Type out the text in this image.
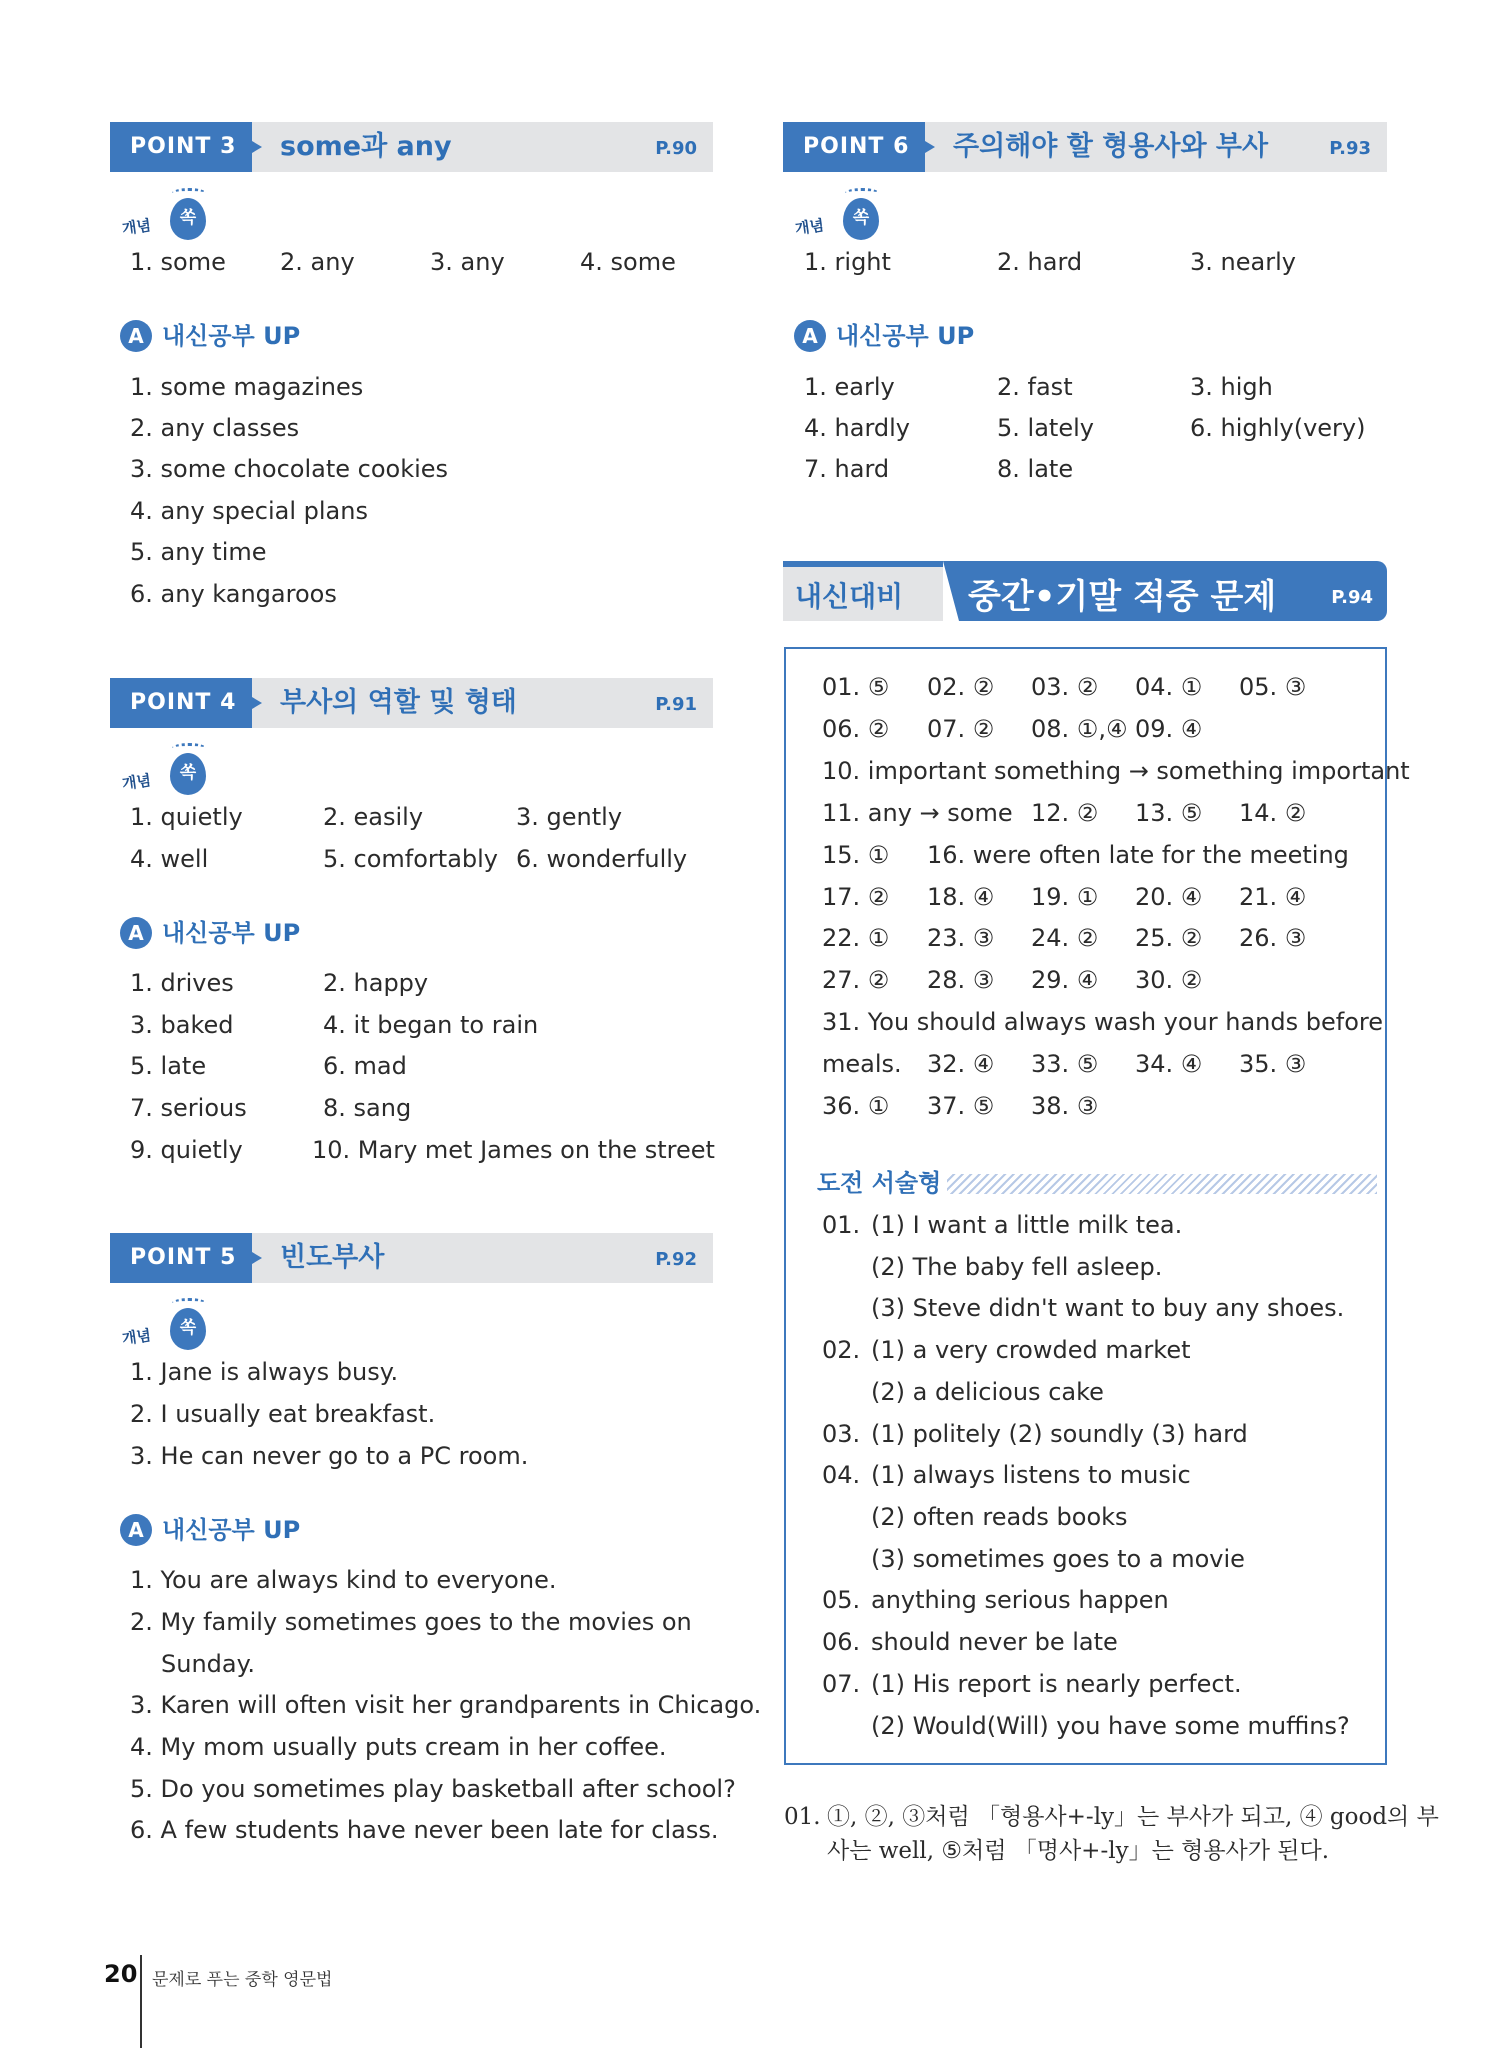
POINT 3	some과 any	P.90
개념	쏙
1. some 2. any	3. any	4. some
A 내신공부 UP
1. some magazines
2. any classes
3. some chocolate cookies
4. any special plans
5. any time
6. any kangaroos
POINT 4	부사의 역할 및 형태	P.91
개념	쏙
1. quietly	2. easily	3. gently
4. well	5. comfortably 6. wonderfully
A 내신공부 UP
1. drives	2. happy
3. baked	4. it began to rain
5. late	6. mad
7. serious	8. sang
9. quietly	10. Mary met James on the street
POINT 5	빈도부사	P.92
개념	쏙
1. Jane is always busy.
2. I usually eat breakfast.
3. He can never go to a PC room.
A 내신공부 UP
1. You are always kind to everyone.
2. My family sometimes goes to the movies on
Sunday.
3. Karen will often visit her grandparents in Chicago.
4. My mom usually puts cream in her coffee.
5. Do you sometimes play basketball after school?
6. A few students have never been late for class.
POINT 6	주의해야 할 형용사와 부사	P.93
개념	쏙
1. right	2. hard	3. nearly
A 내신공부 UP
1. early	2. fast	3. high
4. hardly	5. lately	6. highly(very)
7. hard	8. late
내신대비 중간•기말 적중 문제	P.94
01. ⑤ 02. ② 03. ② 04. ① 05. ③
06. ② 07. ② 08. ①,④ 09. ④
10. important something → something important
11. any → some 12. ② 13. ⑤ 14. ②
15. ① 16. were often late for the meeting
17. ② 18. ④ 19. ① 20. ④ 21. ④
22. ① 23. ③ 24. ② 25. ② 26. ③
27. ② 28. ③ 29. ④ 30. ②
31. You should always wash your hands before
meals. 32. ④ 33. ⑤ 34. ④ 35. ③
36. ① 37. ⑤ 38. ③
도전 서술형
01. (1) I want a little milk tea.
(2) The baby fell asleep.
(3) Steve didn't want to buy any shoes.
02. (1) a very crowded market
(2) a delicious cake
03. (1) politely (2) soundly (3) hard
04. (1) always listens to music
(2) often reads books
(3) sometimes goes to a movie
05. anything serious happen
06. should never be late
07. (1) His report is nearly perfect.
(2) Would(Will) you have some muffins?
01. ①, ②, ③처럼 「형용사+-ly」는 부사가 되고, ④ good의 부
사는 well, ⑤처럼 「명사+-ly」는 형용사가 된다.
20 문제로 푸는 중학 영문법
